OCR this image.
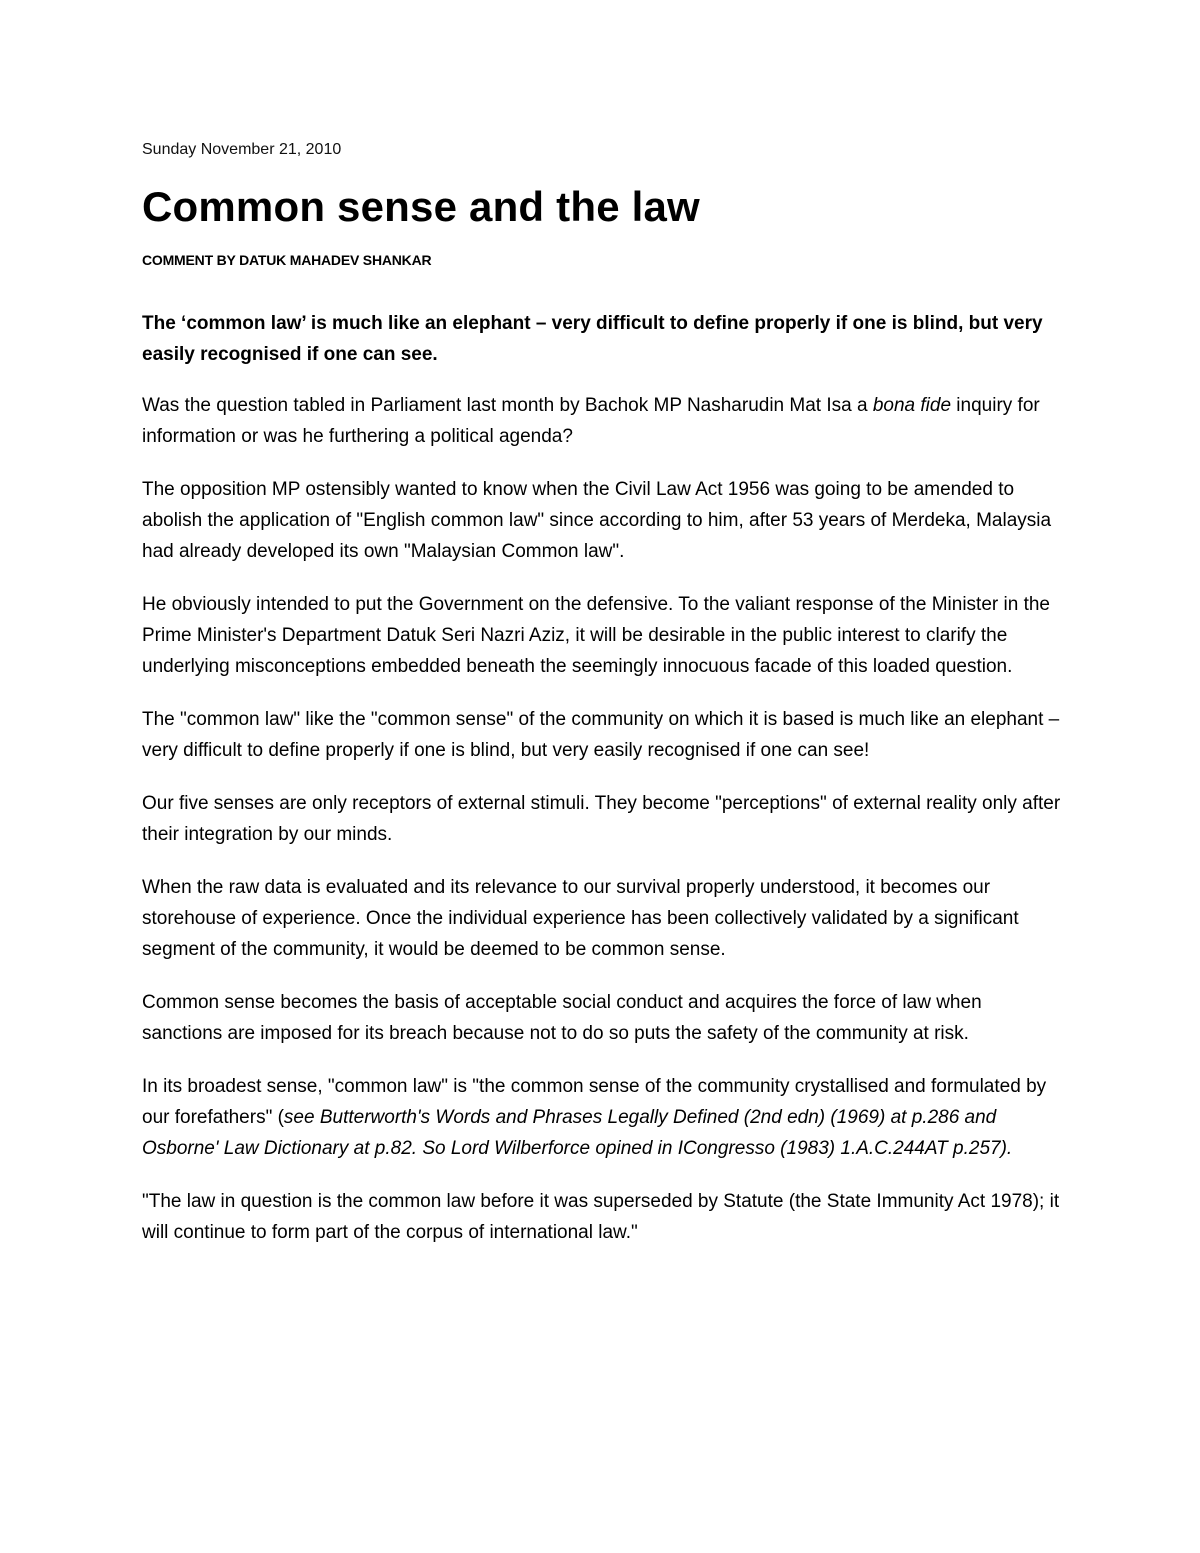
Sunday November 21, 2010

Common sense and the law

COMMENT BY DATUK MAHADEV SHANKAR

The ‘common law’ is much like an elephant – very difficult to define properly if one is blind, but very easily recognised if one can see.

Was the question tabled in Parliament last month by Bachok MP Nasharudin Mat Isa a bona fide inquiry for information or was he furthering a political agenda?

The opposition MP ostensibly wanted to know when the Civil Law Act 1956 was going to be amended to abolish the application of "English common law" since according to him, after 53 years of Merdeka, Malaysia had already developed its own "Malaysian Common law".

He obviously intended to put the Government on the defensive. To the valiant response of the Minister in the Prime Minister's Department Datuk Seri Nazri Aziz, it will be desirable in the public interest to clarify the underlying misconceptions embedded beneath the seemingly innocuous facade of this loaded question.

The "common law" like the "common sense" of the community on which it is based is much like an elephant – very difficult to define properly if one is blind, but very easily recognised if one can see!

Our five senses are only receptors of external stimuli. They become "perceptions" of external reality only after their integration by our minds.

When the raw data is evaluated and its relevance to our survival properly understood, it becomes our storehouse of experience. Once the individual experience has been collectively validated by a significant segment of the community, it would be deemed to be common sense.

Common sense becomes the basis of acceptable social conduct and acquires the force of law when sanctions are imposed for its breach because not to do so puts the safety of the community at risk.

In its broadest sense, "common law" is "the common sense of the community crystallised and formulated by our forefathers" (see Butterworth's Words and Phrases Legally Defined (2nd edn) (1969) at p.286 and Osborne' Law Dictionary at p.82. So Lord Wilberforce opined in ICongresso (1983) 1.A.C.244AT p.257).

"The law in question is the common law before it was superseded by Statute (the State Immunity Act 1978); it will continue to form part of the corpus of international law."
